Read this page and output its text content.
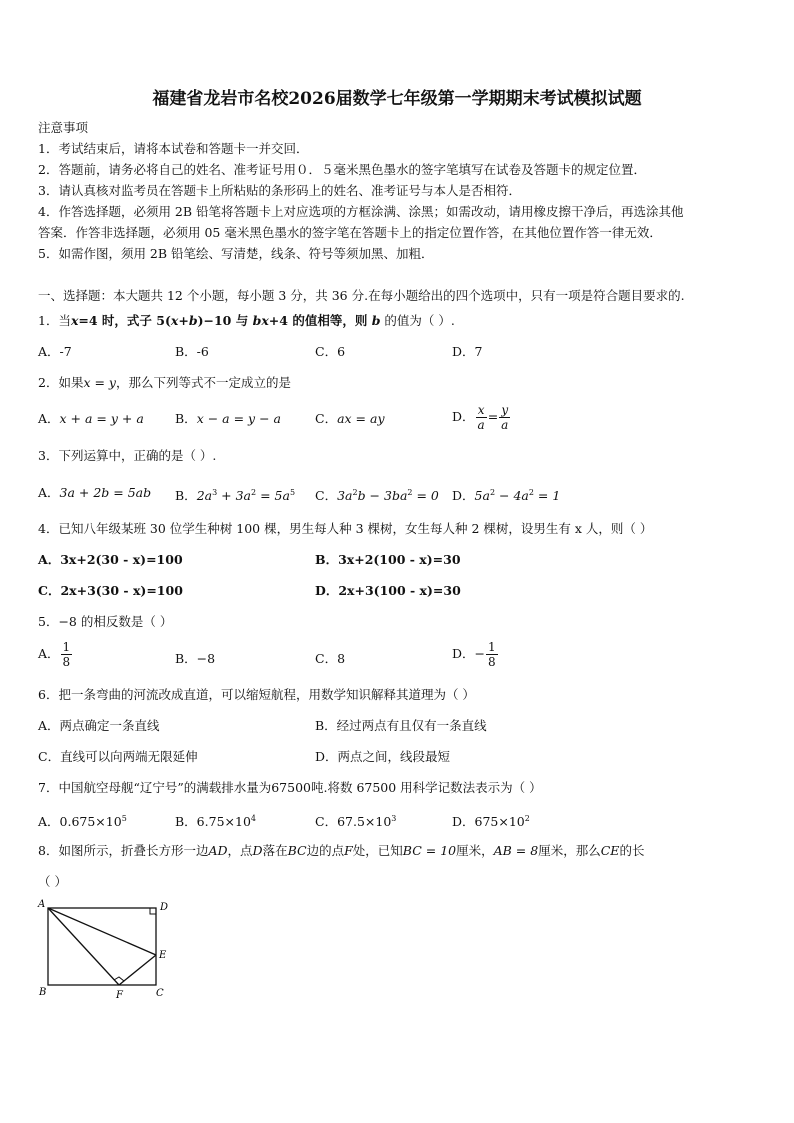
福建省龙岩市名校2026届数学七年级第一学期期末考试模拟试题
注意事项
1．考试结束后，请将本试卷和答题卡一并交回．
2．答题前，请务必将自己的姓名、准考证号用０．５毫米黑色墨水的签字笔填写在试卷及答题卡的规定位置．
3．请认真核对监考员在答题卡上所粘贴的条形码上的姓名、准考证号与本人是否相符．
4．作答选择题，必须用 2B 铅笔将答题卡上对应选项的方框涂满、涂黑；如需改动，请用橡皮擦干净后，再选涂其他
答案．作答非选择题，必须用 05 毫米黑色墨水的签字笔在答题卡上的指定位置作答，在其他位置作答一律无效．
5．如需作图，须用 2B 铅笔绘、写清楚，线条、符号等须加黑、加粗．
一、选择题：本大题共 12 个小题，每小题 3 分，共 36 分.在每小题给出的四个选项中，只有一项是符合题目要求的.
1．当x=4 时，式子 5(x+b)−10 与 bx+4 的值相等，则 b 的值为（ ）.
A．-7	B．-6	C．6	D．7
2．如果x = y，那么下列等式不一定成立的是
A．x + a = y + a B．x − a = y − a	C．ax = ay	D． $\frac{x}{a} = \frac{y}{a}$
3．下列运算中，正确的是（ ）.
A．3a + 2b = 5ab B．$2a^3 + 3a^2 = 5a^5$ C．$3a^2b - 3ba^2 = 0$ D．$5a^2 - 4a^2 = 1$
4．已知八年级某班 30 位学生种树 100 棵，男生每人种 3 棵树，女生每人种 2 棵树，设男生有 x 人，则（ ）
A．3x+2(30 - x)=100	B．3x+2(100 - x)=30
C．2x+3(30 - x)=100	D．2x+3(100 - x)=30
5．−8 的相反数是（ ）
A． $\frac{1}{8}$	B．−8	C．8	D．− $\frac{1}{8}$
6．把一条弯曲的河流改成直道，可以缩短航程，用数学知识解释其道理为（ ）
A．两点确定一条直线	B．经过两点有且仅有一条直线
C．直线可以向两端无限延伸	D．两点之间，线段最短
7．中国航空母舰“辽宁号”的满载排水量为67500吨.将数 67500 用科学记数法表示为（ ）
A．$0.675\times 10^5$	B．$6.75\times 10^4$	C．$67.5\times 10^3$	D．$675\times 10^2$
8．如图所示，折叠长方形一边AD，点D落在BC边的点F处，已知BC = 10厘米，AB = 8厘米，那么CE的长
（ ）
A	D
E
B	F	C
